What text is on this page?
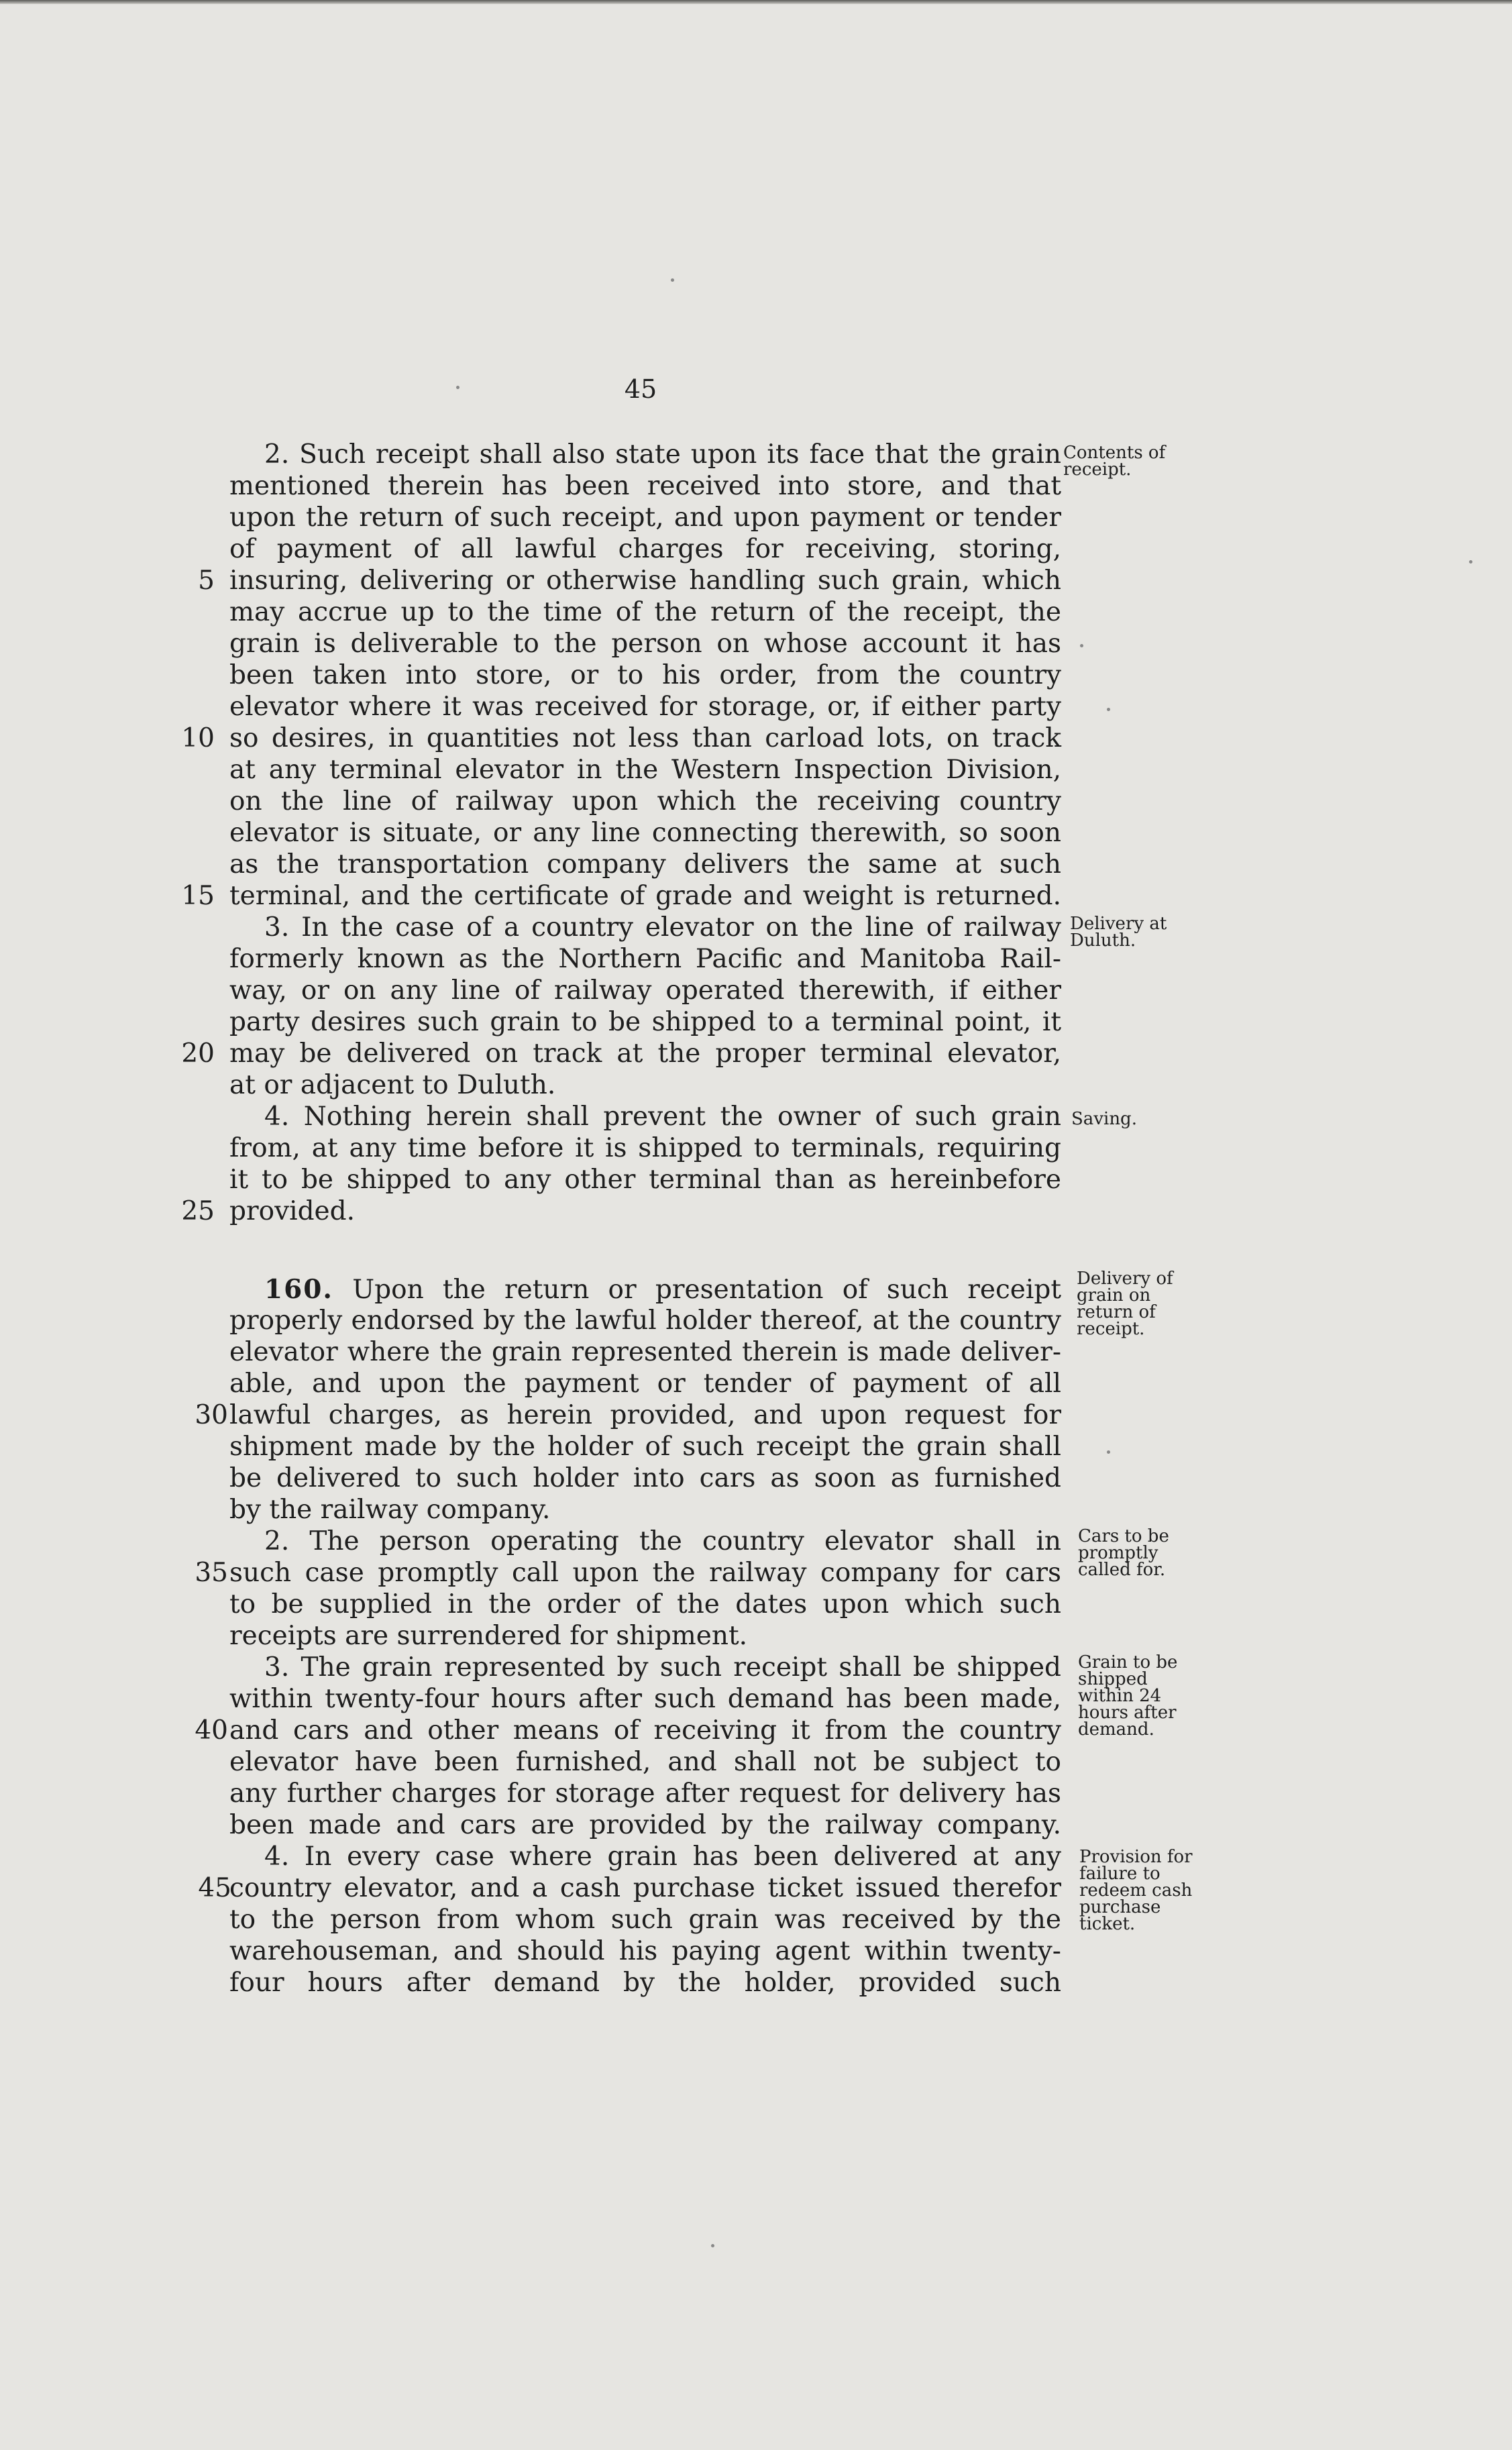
45
2. Such receipt shall also state upon its face that the grain
mentioned therein has been received into store, and that
upon the return of such receipt, and upon payment or tender
of payment of all lawful charges for receiving, storing,
insuring, delivering or otherwise handling such grain, which
may accrue up to the time of the return of the receipt, the
grain is deliverable to the person on whose account it has
been taken into store, or to his order, from the country
elevator where it was received for storage, or, if either party
so desires, in quantities not less than carload lots, on track
at any terminal elevator in the Western Inspection Division,
on the line of railway upon which the receiving country
elevator is situate, or any line connecting therewith, so soon
as the transportation company delivers the same at such
terminal, and the certificate of grade and weight is returned.
3. In the case of a country elevator on the line of railway
formerly known as the Northern Pacific and Manitoba Rail-
way, or on any line of railway operated therewith, if either
party desires such grain to be shipped to a terminal point, it
may be delivered on track at the proper terminal elevator,
at or adjacent to Duluth.
4. Nothing herein shall prevent the owner of such grain
from, at any time before it is shipped to terminals, requiring
it to be shipped to any other terminal than as hereinbefore
provided.
160. Upon the return or presentation of such receipt
properly endorsed by the lawful holder thereof, at the country
elevator where the grain represented therein is made deliver-
able, and upon the payment or tender of payment of all
lawful charges, as herein provided, and upon request for
shipment made by the holder of such receipt the grain shall
be delivered to such holder into cars as soon as furnished
by the railway company.
2. The person operating the country elevator shall in
such case promptly call upon the railway company for cars
to be supplied in the order of the dates upon which such
receipts are surrendered for shipment.
3. The grain represented by such receipt shall be shipped
within twenty-four hours after such demand has been made,
and cars and other means of receiving it from the country
elevator have been furnished, and shall not be subject to
any further charges for storage after request for delivery has
been made and cars are provided by the railway company.
4. In every case where grain has been delivered at any
country elevator, and a cash purchase ticket issued therefor
to the person from whom such grain was received by the
warehouseman, and should his paying agent within twenty-
four hours after demand by the holder, provided such
5
10
15
20
25
30
35
40
45
Contents of receipt.
Delivery at Duluth.
Saving.
Delivery of grain on return of receipt.
Cars to be promptly called for.
Grain to be shipped within 24 hours after demand.
Provision for failure to redeem cash purchase ticket.
